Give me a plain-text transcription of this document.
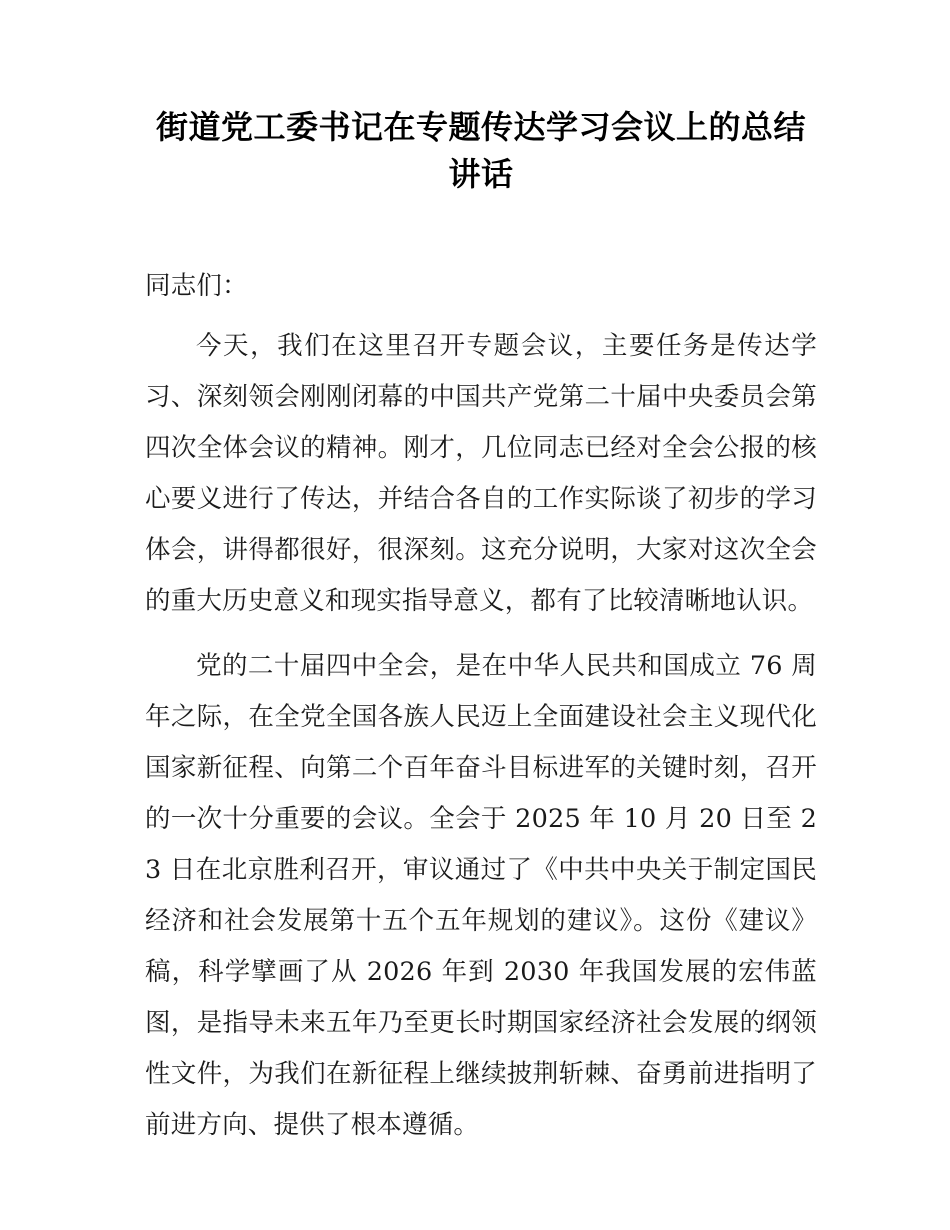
街道党工委书记在专题传达学习会议上的总结讲话

同志们：

今天，我们在这里召开专题会议，主要任务是传达学习、深刻领会刚刚闭幕的中国共产党第二十届中央委员会第四次全体会议的精神。刚才，几位同志已经对全会公报的核心要义进行了传达，并结合各自的工作实际谈了初步的学习体会，讲得都很好，很深刻。这充分说明，大家对这次全会的重大历史意义和现实指导意义，都有了比较清晰地认识。

党的二十届四中全会，是在中华人民共和国成立 76 周年之际，在全党全国各族人民迈上全面建设社会主义现代化国家新征程、向第二个百年奋斗目标进军的关键时刻，召开的一次十分重要的会议。全会于 2025 年 10 月 20 日至 23 日在北京胜利召开，审议通过了《中共中央关于制定国民经济和社会发展第十五个五年规划的建议》。这份《建议》稿，科学擘画了从 2026 年到 2030 年我国发展的宏伟蓝图，是指导未来五年乃至更长时期国家经济社会发展的纲领性文件，为我们在新征程上继续披荆斩棘、奋勇前进指明了前进方向、提供了根本遵循。
